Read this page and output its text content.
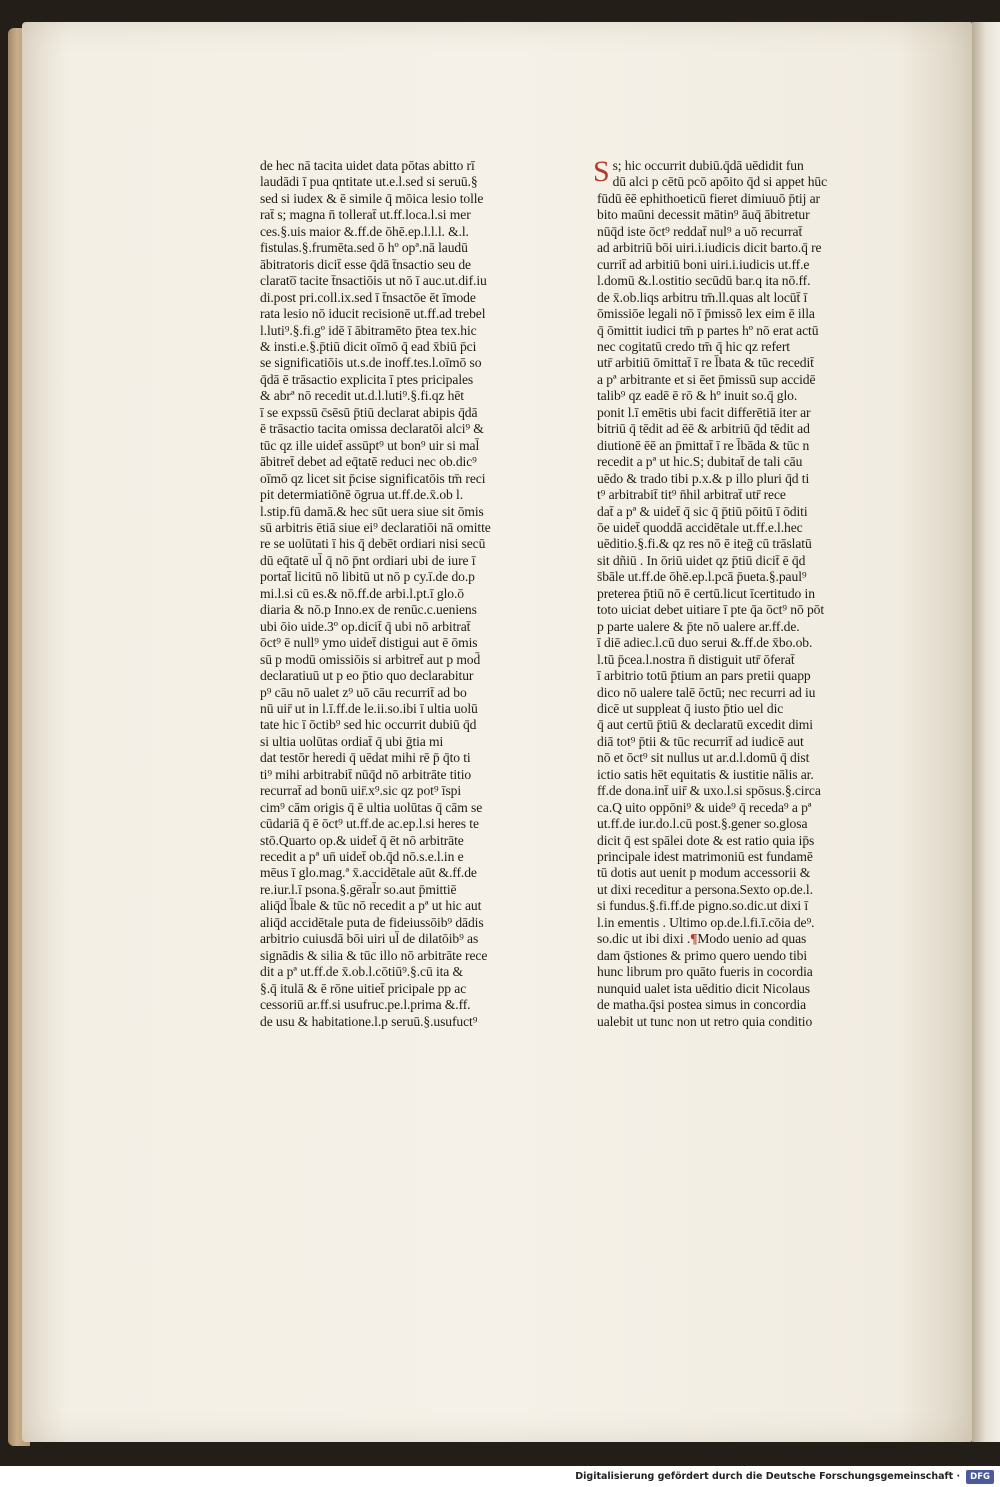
de hec nā tacita uidet data pōtas abitto rī
laudādi ī pua qntitate ut.e.l.sed si seruū.§
sed si iudex & ē simile q̄ mōica lesio tolle
rat̄ s; magna n̄ tollerat̄ ut.ff.loca.l.si mer
ces.§.uis maior &.ff.de ōhē.ep.l.l.l. &.l.
fistulas.§.frumēta.sed ō hº opª.nā laudū
ābitratoris dicit̄ esse q̄dā t̄nsactio seu de
clarato̅ tacite t̄nsactiōis ut nō ī auc.ut.dif.iu
di.post pri.coll.ix.sed ī t̄nsactōe ēt īmode
rata lesio nō iducit recisionē ut.ff.ad trebel
l.luti⁹.§.fi.gº idē ī ābitramēto p̄tea tex.hic
& insti.e.§.p̄tiū dicit oīmō q̄ ead x̄biū p̄ci
se significatiōis ut.s.de inoff.tes.l.oīmō so
q̄dā ē trāsactio explicita ī ptes pricipales
& abrª nō recedit ut.d.l.luti⁹.§.fi.qz hēt
ī se expssū c̄sēsū p̄tiū declarat abipis q̄dā
ē trāsactio tacita omissa declaratōi alci⁹ &
tūc qz ille uidet̄ assūpt⁹ ut bon⁹ uir si mal̄
ābitret̄ debet ad eq̄tatē reduci nec ob.dic⁹
oīmō qz licet sit p̄cise significatōis tm̄ reci
pit determiatiōnē ōgrua ut.ff.de.x̄.ob l.
l.stip.fū damā.& hec sūt uera siue sit ōmis
sū arbitris ētiā siue ei⁹ declaratiōi nā omitte
re se uolūtati ī his q̄ debēt ordiari nisi secū
dū eq̄tatē ul̄ q̄ nō p̄nt ordiari ubi de iure ī
portat̄ licitū nō libitū ut nō p cy.ī.de do.p
mi.l.si cū es.& nō.ff.de arbi.l.pt.ī glo.ō
diaria & nō.p Inno.ex de renūc.c.ueniens
ubi ōio uide.3º op.dicit̄ q̄ ubi nō arbitrat̄
ōct⁹ ē null⁹ ymo uidet̄ distigui aut ē ōmis
sū p modū omissiōis si arbitret̄ aut p mod̄
declaratiuū ut p eo p̄tio quo declarabitur
p⁹ cāu nō ualet z⁹ uō cāu recurrit̄ ad bo
nū uir̄ ut in l.ī.ff.de le.ii.so.ibi ī ultia uolū
tate hic ī ōctib⁹ sed hic occurrit dubiū q̄d
si ultia uolūtas ordiat̄ q̄ ubi ḡtia mi
dat testōr heredi q̄ uēdat mihi rē p̄ q̄to ti
ti⁹ mihi arbitrabit̄ nūq̄d nō arbitrāte titio
recurrat̄ ad bonū uir̄.x⁹.sic qz pot⁹ īspi
cim⁹ cām origis q̄ ē ultia uolūtas q̄ cām se
cūdariā q̄ ē ōct⁹ ut.ff.de ac.ep.l.si heres te
stō.Quarto op.& uidet̄ q̄ ēt nō arbitrāte
recedit a pª un̄ uidet̄ ob.q̄d nō.s.e.l.in e
mēus ī glo.mag.ª x̄.accidētale aūt &.ff.de
re.iur.l.ī psona.§.gēral̄r so.aut p̄mittiē
aliq̄d l̄bale & tūc nō recedit a pª ut hic aut
aliq̄d accidētale puta de fideiussōib⁹ dādis
arbitrio cuiusdā bōi uiri ul̄ de dilatōib⁹ as
signādis & silia & tūc illo nō arbitrāte rece
dit a pª ut.ff.de x̄.ob.l.cōtiū⁹.§.cū ita &
§.q̄ itulā & ē rōne uitiet̄ pricipale pp ac
cessoriū ar.ff.si usufruc.pe.l.prima &.ff.
de usu & habitatione.l.p seruū.§.usufuct⁹
Ss; hic occurrit dubiū.q̄dā uēdidit fun
dū alci p cētū pcō apōito q̄d si appet hūc
fūdū ēē ephithoeticū fieret dimiuuō p̄tij ar
bito maūni decessit mātin⁹ āuq̄ ābitretur
nūq̄d iste ōct⁹ reddat̄ nul⁹ a uō recurrat̄
ad arbitriū bōi uiri.i.iudicis dicit barto.q̄ re
currit̄ ad arbitiū boni uiri.i.iudicis ut.ff.e
l.domū &.l.ostitio secūdū bar.q ita nō.ff.
de x̄.ob.liqs arbitru tm̄.ll.quas alt locūt̄ ī
ōmissiōe legali nō ī p̄missō lex eim ē illa
q̄ ōmittit iudici tm̄ p partes hº nō erat actū
nec cogitatū credo tm̄ q̄ hic qz refert
utr̄ arbitiū ōmittat̄ ī re l̄bata & tūc recedit̄
a pª arbitrante et si ēet p̄missū sup accidē
talib⁹ qz eadē ē rō & hº inuit so.q̄ glo.
ponit l.ī emētis ubi facit differētiā iter ar
bitriū q̄ tēdit ad ēē & arbitriū q̄d tēdit ad
diutionē ēē an p̄mittat̄ ī re l̄bāda & tūc n
recedit a pª ut hic.S; dubitat̄ de tali cāu
uēdo & trado tibi p.x.& p illo pluri q̄d ti
t⁹ arbitrabit̄ tit⁹ n̄hil arbitrat̄ utr̄ rece
dat̄ a pª & uidet̄ q̄ sic q̄ p̄tiū pōitū ī ōditi
ōe uidet̄ quoddā accidētale ut.ff.e.l.hec
uēditio.§.fi.& qz res nō ē iteḡ cū trāslatū
sit dñiū . In ōriū uidet qz p̄tiū dicit̄ ē q̄d
s̄bāle ut.ff.de ōhē.ep.l.pcā p̄ueta.§.paul⁹
preterea p̄tiū nō ē certū.licut īcertitudo in
toto uiciat debet uitiare ī pte q̄a ōct⁹ nō pōt
p parte ualere & p̄te nō ualere ar.ff.de.
ī diē adiec.l.cū duo serui &.ff.de x̄bo.ob.
l.tū p̄cea.l.nostra n̄ distiguit utr̄ ōferat̄
ī arbitrio totū p̄tium an pars pretii quapp
dico nō ualere talē ōctū; nec recurri ad iu
dicē ut suppleat q̄ iusto p̄tio uel dic
q̄ aut certū p̄tiū & declaratū excedit dimi
diā tot⁹ p̄tii & tūc recurrit̄ ad iudicē aut
nō et ōct⁹ sit nullus ut ar.d.l.domū q̄ dist
ictio satis hēt equitatis & iustitie nālis ar.
ff.de dona.int̄ uir̄ & uxo.l.si spōsus.§.circa
ca.Q uito oppōni⁹ & uide⁹ q̄ receda⁹ a pª
ut.ff.de iur.do.l.cū post.§.gener so.glosa
dicit q̄ est spālei dote & est ratio quia ip̄s
principale idest matrimoniū est fundamē
tū dotis aut uenit p modum accessorii &
ut dixi receditur a persona.Sexto op.de.l.
si fundus.§.fi.ff.de pigno.so.dic.ut dixi ī
l.in ementis . Ultimo op.de.l.fi.ī.cōia de⁹.
so.dic ut ibi dixi .¶Modo uenio ad quas
dam q̄stiones & primo quero uendo tibi
hunc librum pro quāto fueris in cocordia
nunquid ualet ista uēditio dicit Nicolaus
de matha.q̄si postea simus in concordia
ualebit ut tunc non ut retro quia conditio
Digitalisierung gefördert durch die Deutsche Forschungsgemeinschaft ·	DFG
